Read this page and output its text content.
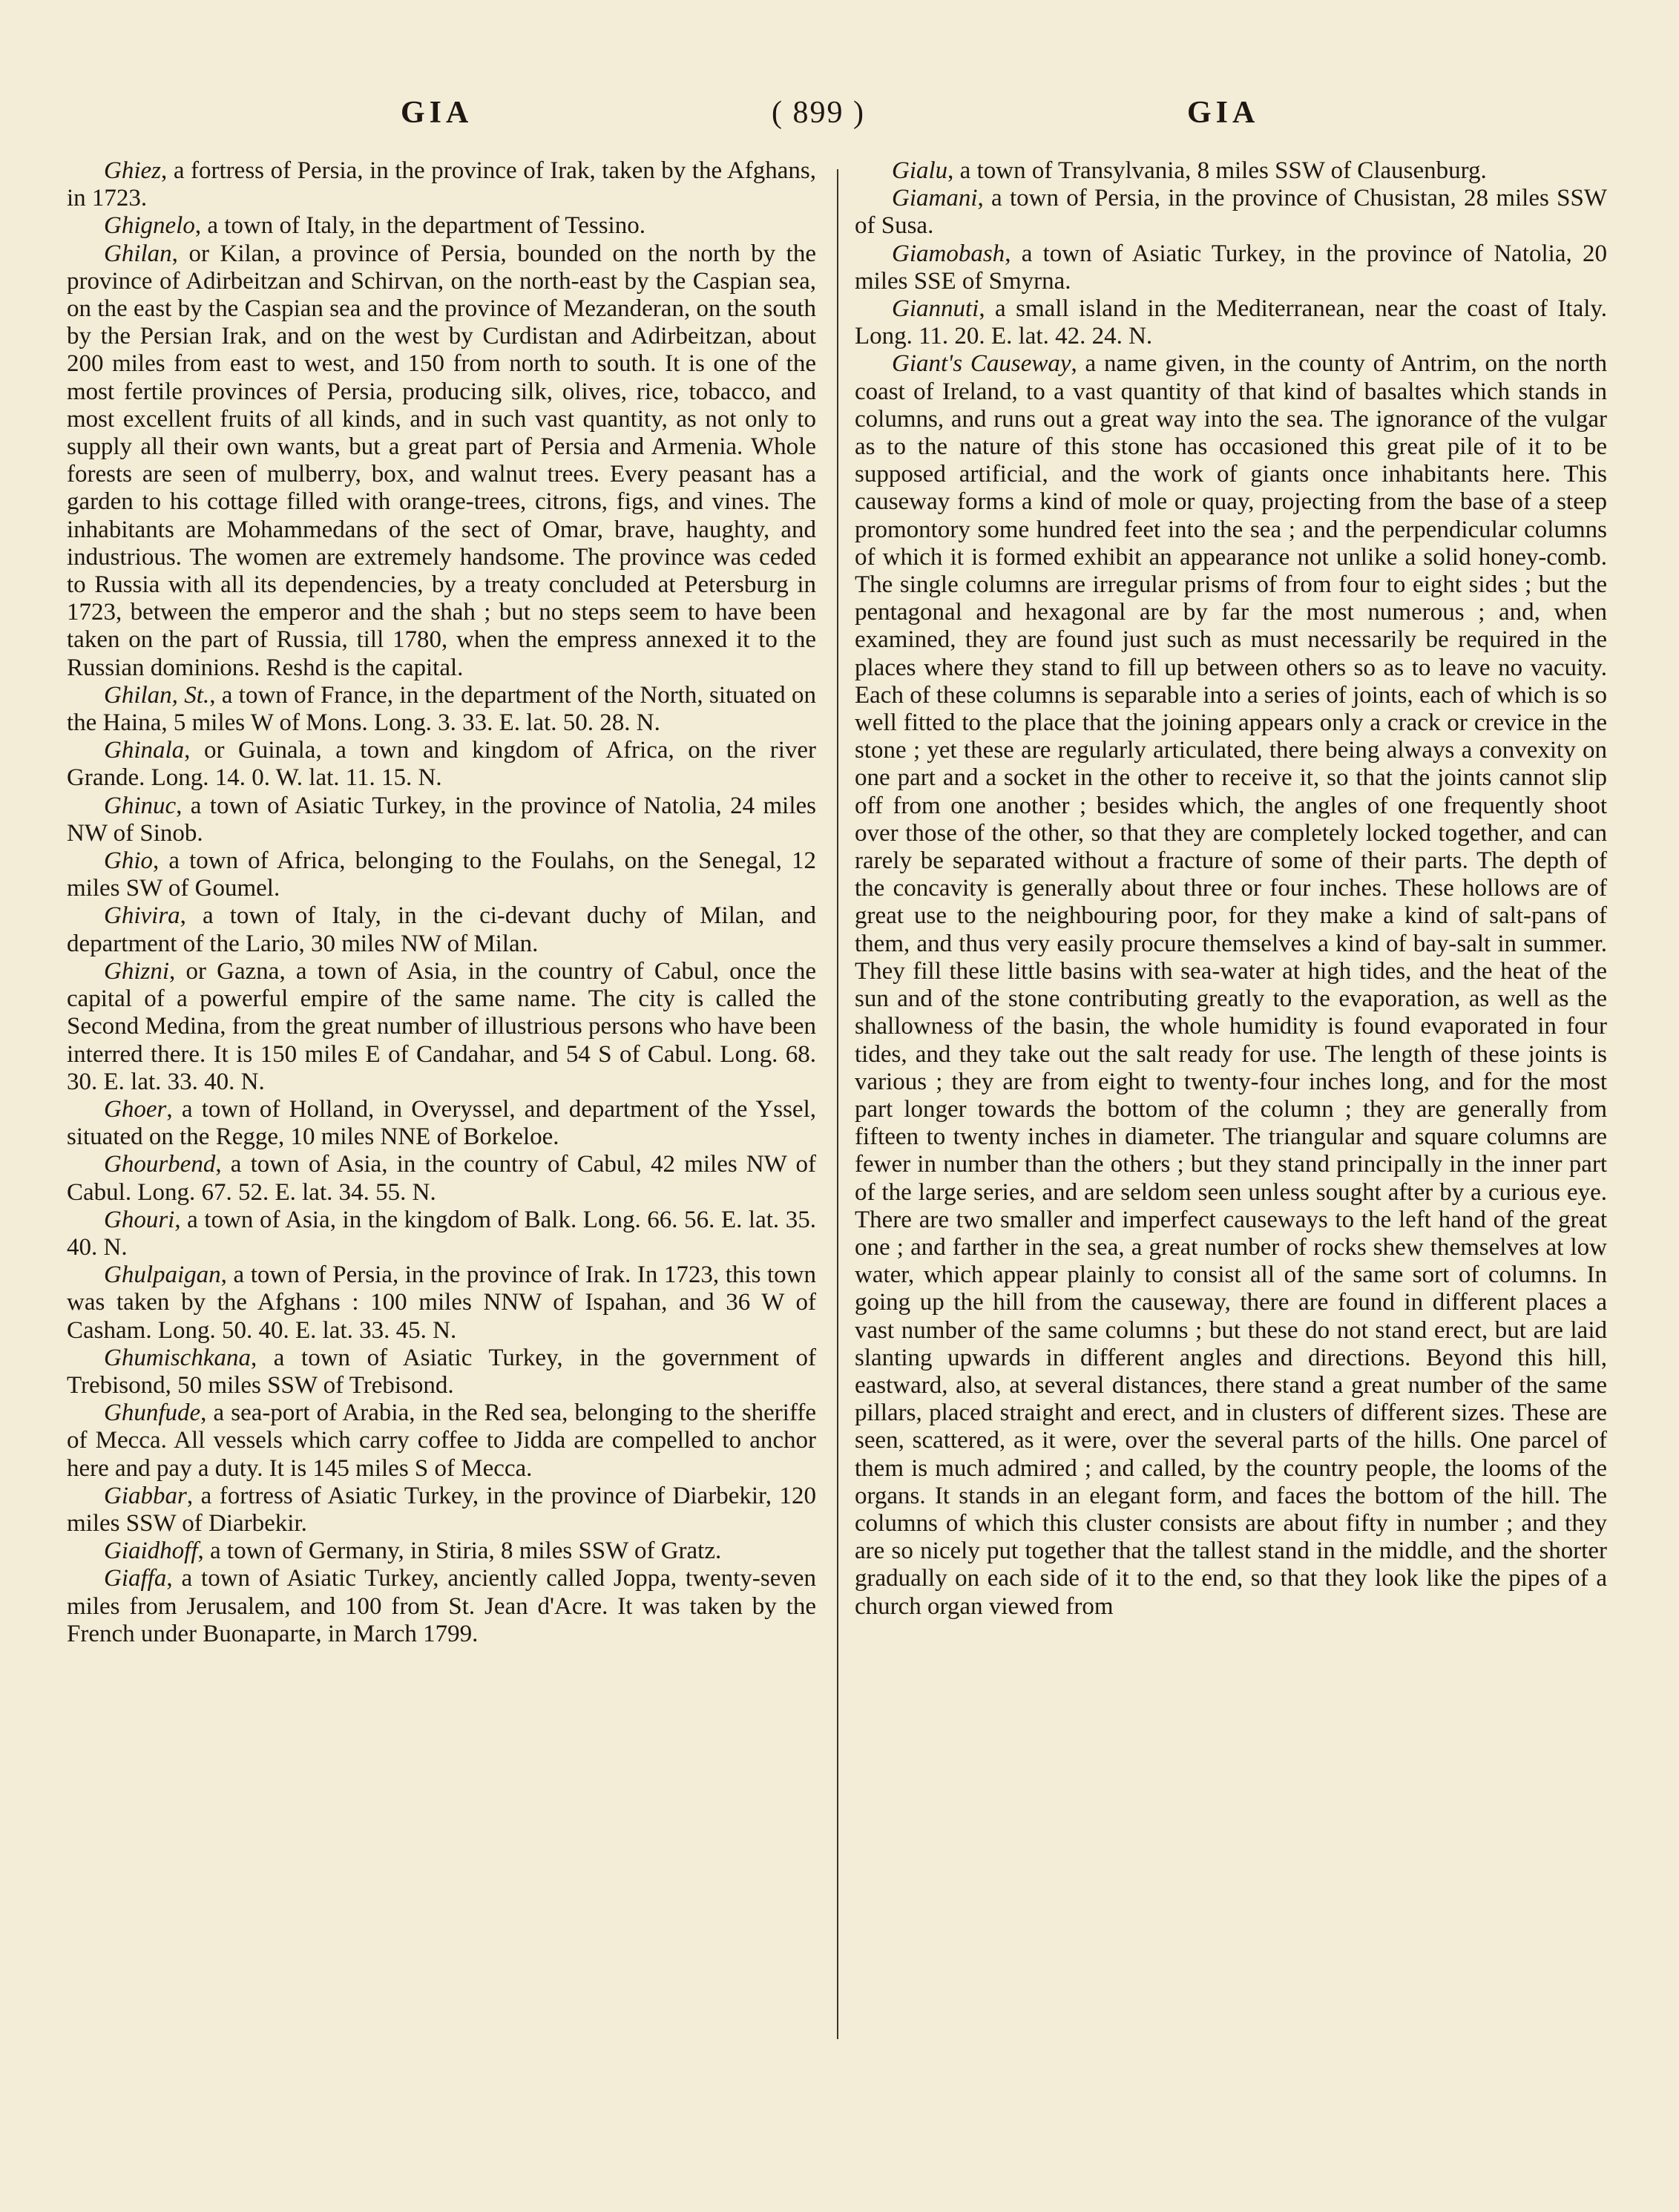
GIA	( 899 )	GIA

Ghiez, a fortress of Persia, in the province of Irak, taken by the Afghans, in 1723.

Ghignelo, a town of Italy, in the department of Tessino.

Ghilan, or Kilan, a province of Persia, bounded on the north by the province of Adirbeitzan and Schirvan, on the north-east by the Caspian sea, on the east by the Caspian sea and the province of Mezanderan, on the south by the Persian Irak, and on the west by Curdistan and Adirbeitzan, about 200 miles from east to west, and 150 from north to south. It is one of the most fertile provinces of Persia, producing silk, olives, rice, tobacco, and most excellent fruits of all kinds, and in such vast quantity, as not only to supply all their own wants, but a great part of Persia and Armenia. Whole forests are seen of mulberry, box, and walnut trees. Every peasant has a garden to his cottage filled with orange-trees, citrons, figs, and vines. The inhabitants are Mohammedans of the sect of Omar, brave, haughty, and industrious. The women are extremely handsome. The province was ceded to Russia with all its dependencies, by a treaty concluded at Petersburg in 1723, between the emperor and the shah ; but no steps seem to have been taken on the part of Russia, till 1780, when the empress annexed it to the Russian dominions. Reshd is the capital.

Ghilan, St., a town of France, in the department of the North, situated on the Haina, 5 miles W of Mons. Long. 3. 33. E. lat. 50. 28. N.

Ghinala, or Guinala, a town and kingdom of Africa, on the river Grande. Long. 14. 0. W. lat. 11. 15. N.

Ghinuc, a town of Asiatic Turkey, in the province of Natolia, 24 miles NW of Sinob.

Ghio, a town of Africa, belonging to the Foulahs, on the Senegal, 12 miles SW of Goumel.

Ghivira, a town of Italy, in the ci-devant duchy of Milan, and department of the Lario, 30 miles NW of Milan.

Ghizni, or Gazna, a town of Asia, in the country of Cabul, once the capital of a powerful empire of the same name. The city is called the Second Medina, from the great number of illustrious persons who have been interred there. It is 150 miles E of Candahar, and 54 S of Cabul. Long. 68. 30. E. lat. 33. 40. N.

Ghoer, a town of Holland, in Overyssel, and department of the Yssel, situated on the Regge, 10 miles NNE of Borkeloe.

Ghourbend, a town of Asia, in the country of Cabul, 42 miles NW of Cabul. Long. 67. 52. E. lat. 34. 55. N.

Ghouri, a town of Asia, in the kingdom of Balk. Long. 66. 56. E. lat. 35. 40. N.

Ghulpaigan, a town of Persia, in the province of Irak. In 1723, this town was taken by the Afghans : 100 miles NNW of Ispahan, and 36 W of Casham. Long. 50. 40. E. lat. 33. 45. N.

Ghumischkana, a town of Asiatic Turkey, in the government of Trebisond, 50 miles SSW of Trebisond.

Ghunfude, a sea-port of Arabia, in the Red sea, belonging to the sheriffe of Mecca. All vessels which carry coffee to Jidda are compelled to anchor here and pay a duty. It is 145 miles S of Mecca.

Giabbar, a fortress of Asiatic Turkey, in the province of Diarbekir, 120 miles SSW of Diarbekir.

Giaidhoff, a town of Germany, in Stiria, 8 miles SSW of Gratz.

Giaffa, a town of Asiatic Turkey, anciently called Joppa, twenty-seven miles from Jerusalem, and 100 from St. Jean d'Acre. It was taken by the French under Buonaparte, in March 1799.

Gialu, a town of Transylvania, 8 miles SSW of Clausenburg.

Giamani, a town of Persia, in the province of Chusistan, 28 miles SSW of Susa.

Giamobash, a town of Asiatic Turkey, in the province of Natolia, 20 miles SSE of Smyrna.

Giannuti, a small island in the Mediterranean, near the coast of Italy. Long. 11. 20. E. lat. 42. 24. N.

Giant's Causeway, a name given, in the county of Antrim, on the north coast of Ireland, to a vast quantity of that kind of basaltes which stands in columns, and runs out a great way into the sea. The ignorance of the vulgar as to the nature of this stone has occasioned this great pile of it to be supposed artificial, and the work of giants once inhabitants here. This causeway forms a kind of mole or quay, projecting from the base of a steep promontory some hundred feet into the sea ; and the perpendicular columns of which it is formed exhibit an appearance not unlike a solid honey-comb. The single columns are irregular prisms of from four to eight sides ; but the pentagonal and hexagonal are by far the most numerous ; and, when examined, they are found just such as must necessarily be required in the places where they stand to fill up between others so as to leave no vacuity. Each of these columns is separable into a series of joints, each of which is so well fitted to the place that the joining appears only a crack or crevice in the stone ; yet these are regularly articulated, there being always a convexity on one part and a socket in the other to receive it, so that the joints cannot slip off from one another ; besides which, the angles of one frequently shoot over those of the other, so that they are completely locked together, and can rarely be separated without a fracture of some of their parts. The depth of the concavity is generally about three or four inches. These hollows are of great use to the neighbouring poor, for they make a kind of salt-pans of them, and thus very easily procure themselves a kind of bay-salt in summer. They fill these little basins with sea-water at high tides, and the heat of the sun and of the stone contributing greatly to the evaporation, as well as the shallowness of the basin, the whole humidity is found evaporated in four tides, and they take out the salt ready for use. The length of these joints is various ; they are from eight to twenty-four inches long, and for the most part longer towards the bottom of the column ; they are generally from fifteen to twenty inches in diameter. The triangular and square columns are fewer in number than the others ; but they stand principally in the inner part of the large series, and are seldom seen unless sought after by a curious eye. There are two smaller and imperfect causeways to the left hand of the great one ; and farther in the sea, a great number of rocks shew themselves at low water, which appear plainly to consist all of the same sort of columns. In going up the hill from the causeway, there are found in different places a vast number of the same columns ; but these do not stand erect, but are laid slanting upwards in different angles and directions. Beyond this hill, eastward, also, at several distances, there stand a great number of the same pillars, placed straight and erect, and in clusters of different sizes. These are seen, scattered, as it were, over the several parts of the hills. One parcel of them is much admired ; and called, by the country people, the looms of the organs. It stands in an elegant form, and faces the bottom of the hill. The columns of which this cluster consists are about fifty in number ; and they are so nicely put together that the tallest stand in the middle, and the shorter gradually on each side of it to the end, so that they look like the pipes of a church organ viewed from
